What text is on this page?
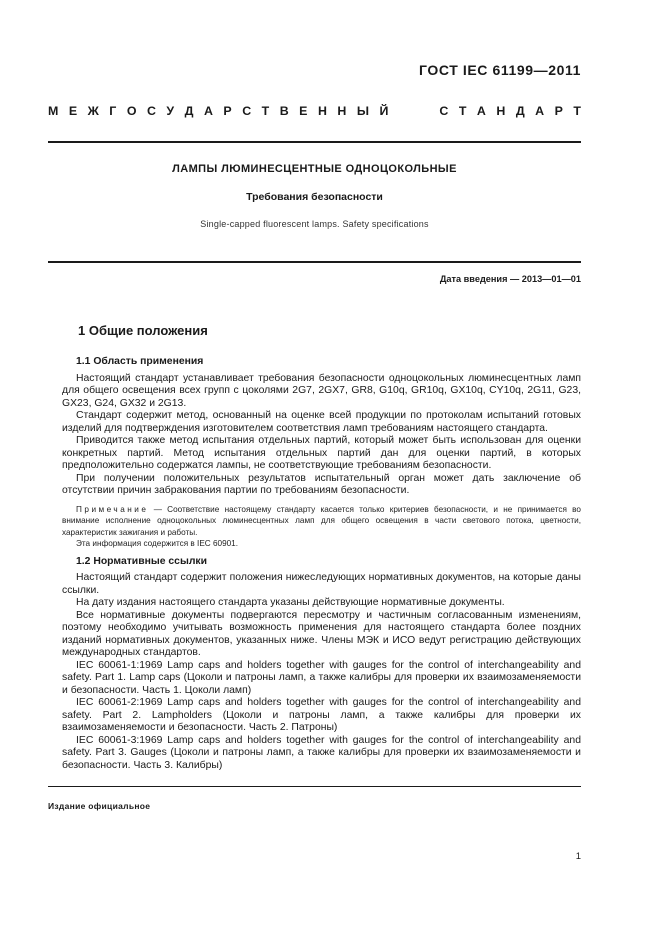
ГОСТ IEC 61199—2011
М Е Ж Г О С У Д А Р С Т В Е Н Н Ы Й	С Т А Н Д А Р Т
ЛАМПЫ ЛЮМИНЕСЦЕНТНЫЕ ОДНОЦОКОЛЬНЫЕ
Требования безопасности
Single-capped fluorescent lamps. Safety specifications
Дата введения — 2013—01—01
1 Общие положения
1.1 Область применения

Настоящий стандарт устанавливает требования безопасности одноцокольных люминесцентных ламп для общего освещения всех групп с цоколями 2G7, 2GX7, GR8, G10q, GR10q, GX10q, CY10q, 2G11, G23, GX23, G24, GX32 и 2G13.

Стандарт содержит метод, основанный на оценке всей продукции по протоколам испытаний готовых изделий для подтверждения изготовителем соответствия ламп требованиям настоящего стандарта.

Приводится также метод испытания отдельных партий, который может быть использован для оценки конкретных партий. Метод испытания отдельных партий дан для оценки партий, в которых предположительно содержатся лампы, не соответствующие требованиям безопасности.

При получении положительных результатов испытательный орган может дать заключение об отсутствии причин забракования партии по требованиям безопасности.

Примечание — Соответствие настоящему стандарту касается только критериев безопасности, и не принимается во внимание исполнение одноцокольных люминесцентных ламп для общего освещения в части светового потока, цветности, характеристик зажигания и работы.

Эта информация содержится в IEC 60901.

1.2 Нормативные ссылки

Настоящий стандарт содержит положения нижеследующих нормативных документов, на которые даны ссылки.

На дату издания настоящего стандарта указаны действующие нормативные документы.

Все нормативные документы подвергаются пересмотру и частичным согласованным изменениям, поэтому необходимо учитывать возможность применения для настоящего стандарта более поздних изданий нормативных документов, указанных ниже. Члены МЭК и ИСО ведут регистрацию действующих международных стандартов.

IEC 60061-1:1969 Lamp caps and holders together with gauges for the control of interchangeability and safety. Part 1. Lamp caps (Цоколи и патроны ламп, а также калибры для проверки их взаимозаменяемости и безопасности. Часть 1. Цоколи ламп)

IEC 60061-2:1969 Lamp caps and holders together with gauges for the control of interchangeability and safety. Part 2. Lampholders (Цоколи и патроны ламп, а также калибры для проверки их взаимозаменяемости и безопасности. Часть 2. Патроны)

IEC 60061-3:1969 Lamp caps and holders together with gauges for the control of interchangeability and safety. Part 3. Gauges (Цоколи и патроны ламп, а также калибры для проверки их взаимозаменяемости и безопасности. Часть 3. Калибры)

Издание официальное
1
